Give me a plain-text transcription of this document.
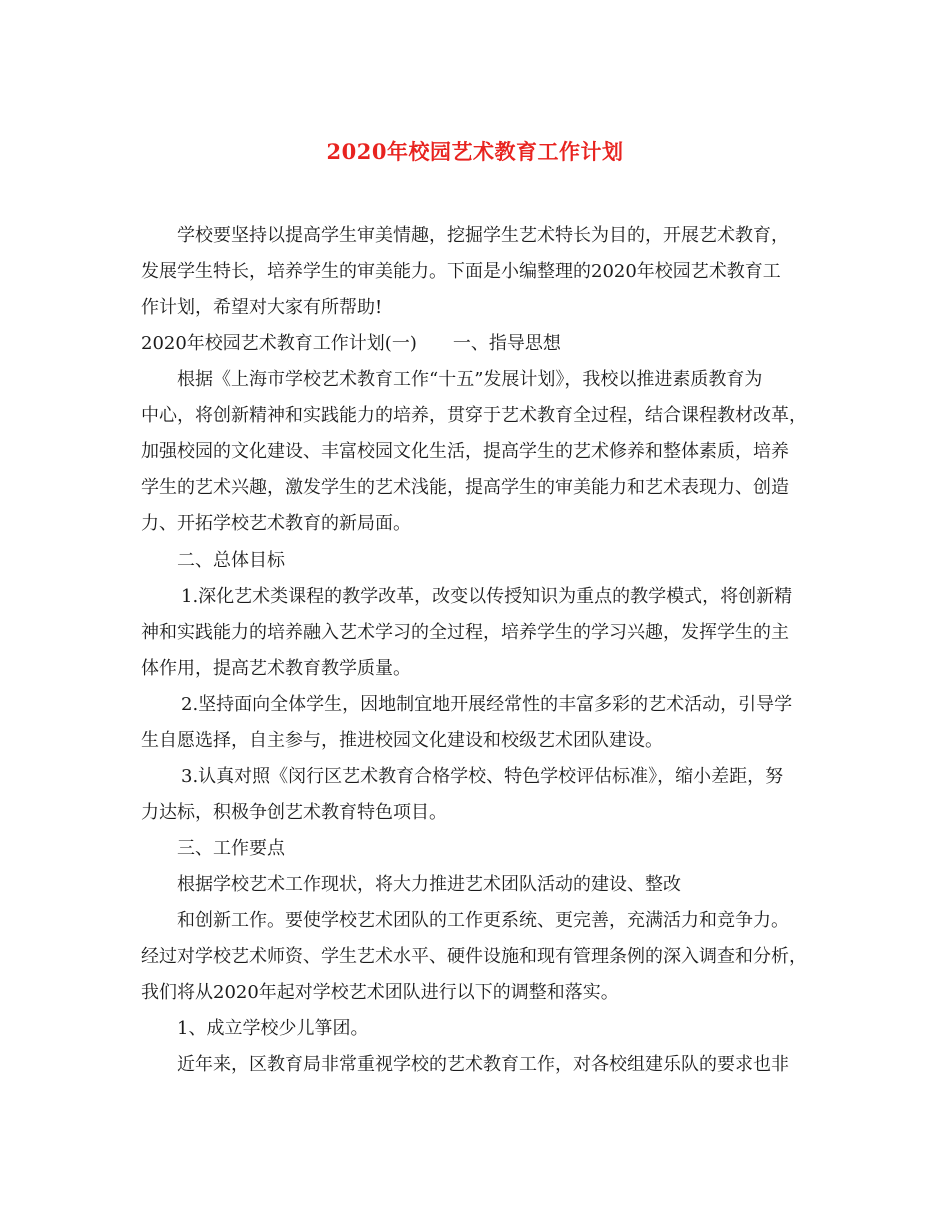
2020年校园艺术教育工作计划
学校要坚持以提高学生审美情趣，挖掘学生艺术特长为目的，开展艺术教育，
发展学生特长，培养学生的审美能力。下面是小编整理的2020年校园艺术教育工
作计划，希望对大家有所帮助!
2020年校园艺术教育工作计划(一)　　一、指导思想
根据《上海市学校艺术教育工作“十五”发展计划》，我校以推进素质教育为
中心，将创新精神和实践能力的培养，贯穿于艺术教育全过程，结合课程教材改革，
加强校园的文化建设、丰富校园文化生活，提高学生的艺术修养和整体素质，培养
学生的艺术兴趣，激发学生的艺术浅能，提高学生的审美能力和艺术表现力、创造
力、开拓学校艺术教育的新局面。
二、总体目标
1.深化艺术类课程的教学改革，改变以传授知识为重点的教学模式，将创新精
神和实践能力的培养融入艺术学习的全过程，培养学生的学习兴趣，发挥学生的主
体作用，提高艺术教育教学质量。
2.坚持面向全体学生，因地制宜地开展经常性的丰富多彩的艺术活动，引导学
生自愿选择，自主参与，推进校园文化建设和校级艺术团队建设。
3.认真对照《闵行区艺术教育合格学校、特色学校评估标准》，缩小差距，努
力达标，积极争创艺术教育特色项目。
三、工作要点
根据学校艺术工作现状，将大力推进艺术团队活动的建设、整改
和创新工作。要使学校艺术团队的工作更系统、更完善，充满活力和竞争力。
经过对学校艺术师资、学生艺术水平、硬件设施和现有管理条例的深入调查和分析，
我们将从2020年起对学校艺术团队进行以下的调整和落实。
1、成立学校少儿箏团。
近年来，区教育局非常重视学校的艺术教育工作，对各校组建乐队的要求也非
